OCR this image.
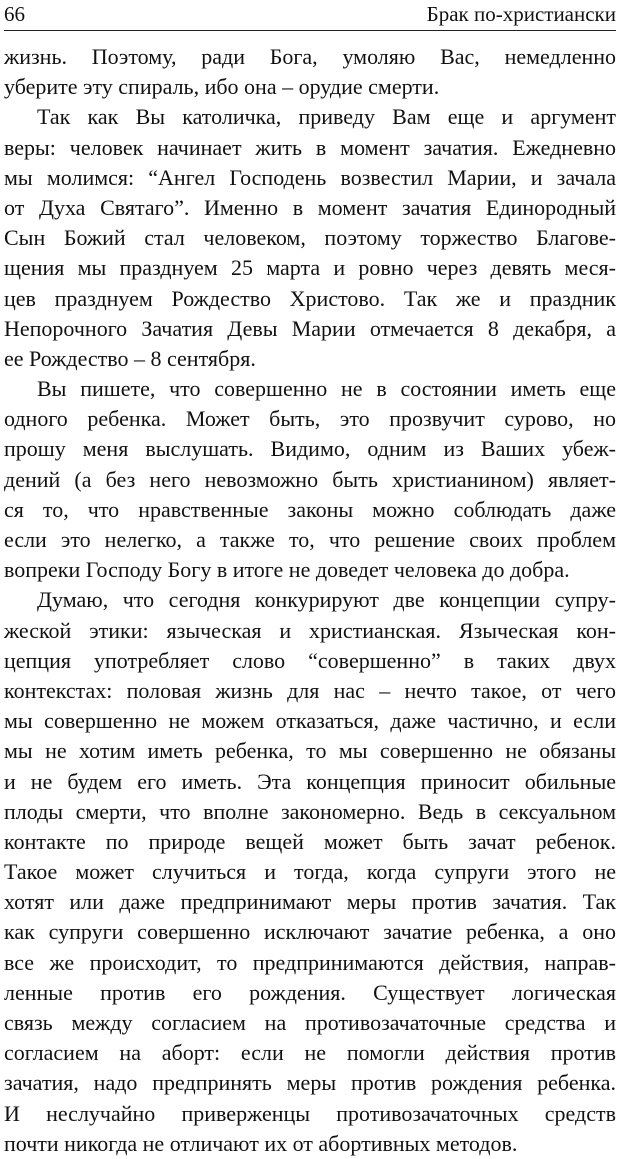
66	Брак по-христиански
жизнь. Поэтому, ради Бога, умоляю Вас, немедленно
уберите эту спираль, ибо она – орудие смерти.
Так как Вы католичка, приведу Вам еще и аргумент
веры: человек начинает жить в момент зачатия. Ежедневно
мы молимся: “Ангел Господень возвестил Марии, и зачала
от Духа Святаго”. Именно в момент зачатия Единородный
Сын Божий стал человеком, поэтому торжество Благове-
щения мы празднуем 25 марта и ровно через девять меся-
цев празднуем Рождество Христово. Так же и праздник
Непорочного Зачатия Девы Марии отмечается 8 декабря, а
ее Рождество – 8 сентября.
Вы пишете, что совершенно не в состоянии иметь еще
одного ребенка. Может быть, это прозвучит сурово, но
прошу меня выслушать. Видимо, одним из Ваших убеж-
дений (а без него невозможно быть христианином) являет-
ся то, что нравственные законы можно соблюдать даже
если это нелегко, а также то, что решение своих проблем
вопреки Господу Богу в итоге не доведет человека до добра.
Думаю, что сегодня конкурируют две концепции супру-
жеской этики: языческая и христианская. Языческая кон-
цепция употребляет слово “совершенно” в таких двух
контекстах: половая жизнь для нас – нечто такое, от чего
мы совершенно не можем отказаться, даже частично, и если
мы не хотим иметь ребенка, то мы совершенно не обязаны
и не будем его иметь. Эта концепция приносит обильные
плоды смерти, что вполне закономерно. Ведь в сексуальном
контакте по природе вещей может быть зачат ребенок.
Такое может случиться и тогда, когда супруги этого не
хотят или даже предпринимают меры против зачатия. Так
как супруги совершенно исключают зачатие ребенка, а оно
все же происходит, то предпринимаются действия, направ-
ленные против его рождения. Существует логическая
связь между согласием на противозачаточные средства и
согласием на аборт: если не помогли действия против
зачатия, надо предпринять меры против рождения ребенка.
И неслучайно приверженцы противозачаточных средств
почти никогда не отличают их от абортивных методов.
